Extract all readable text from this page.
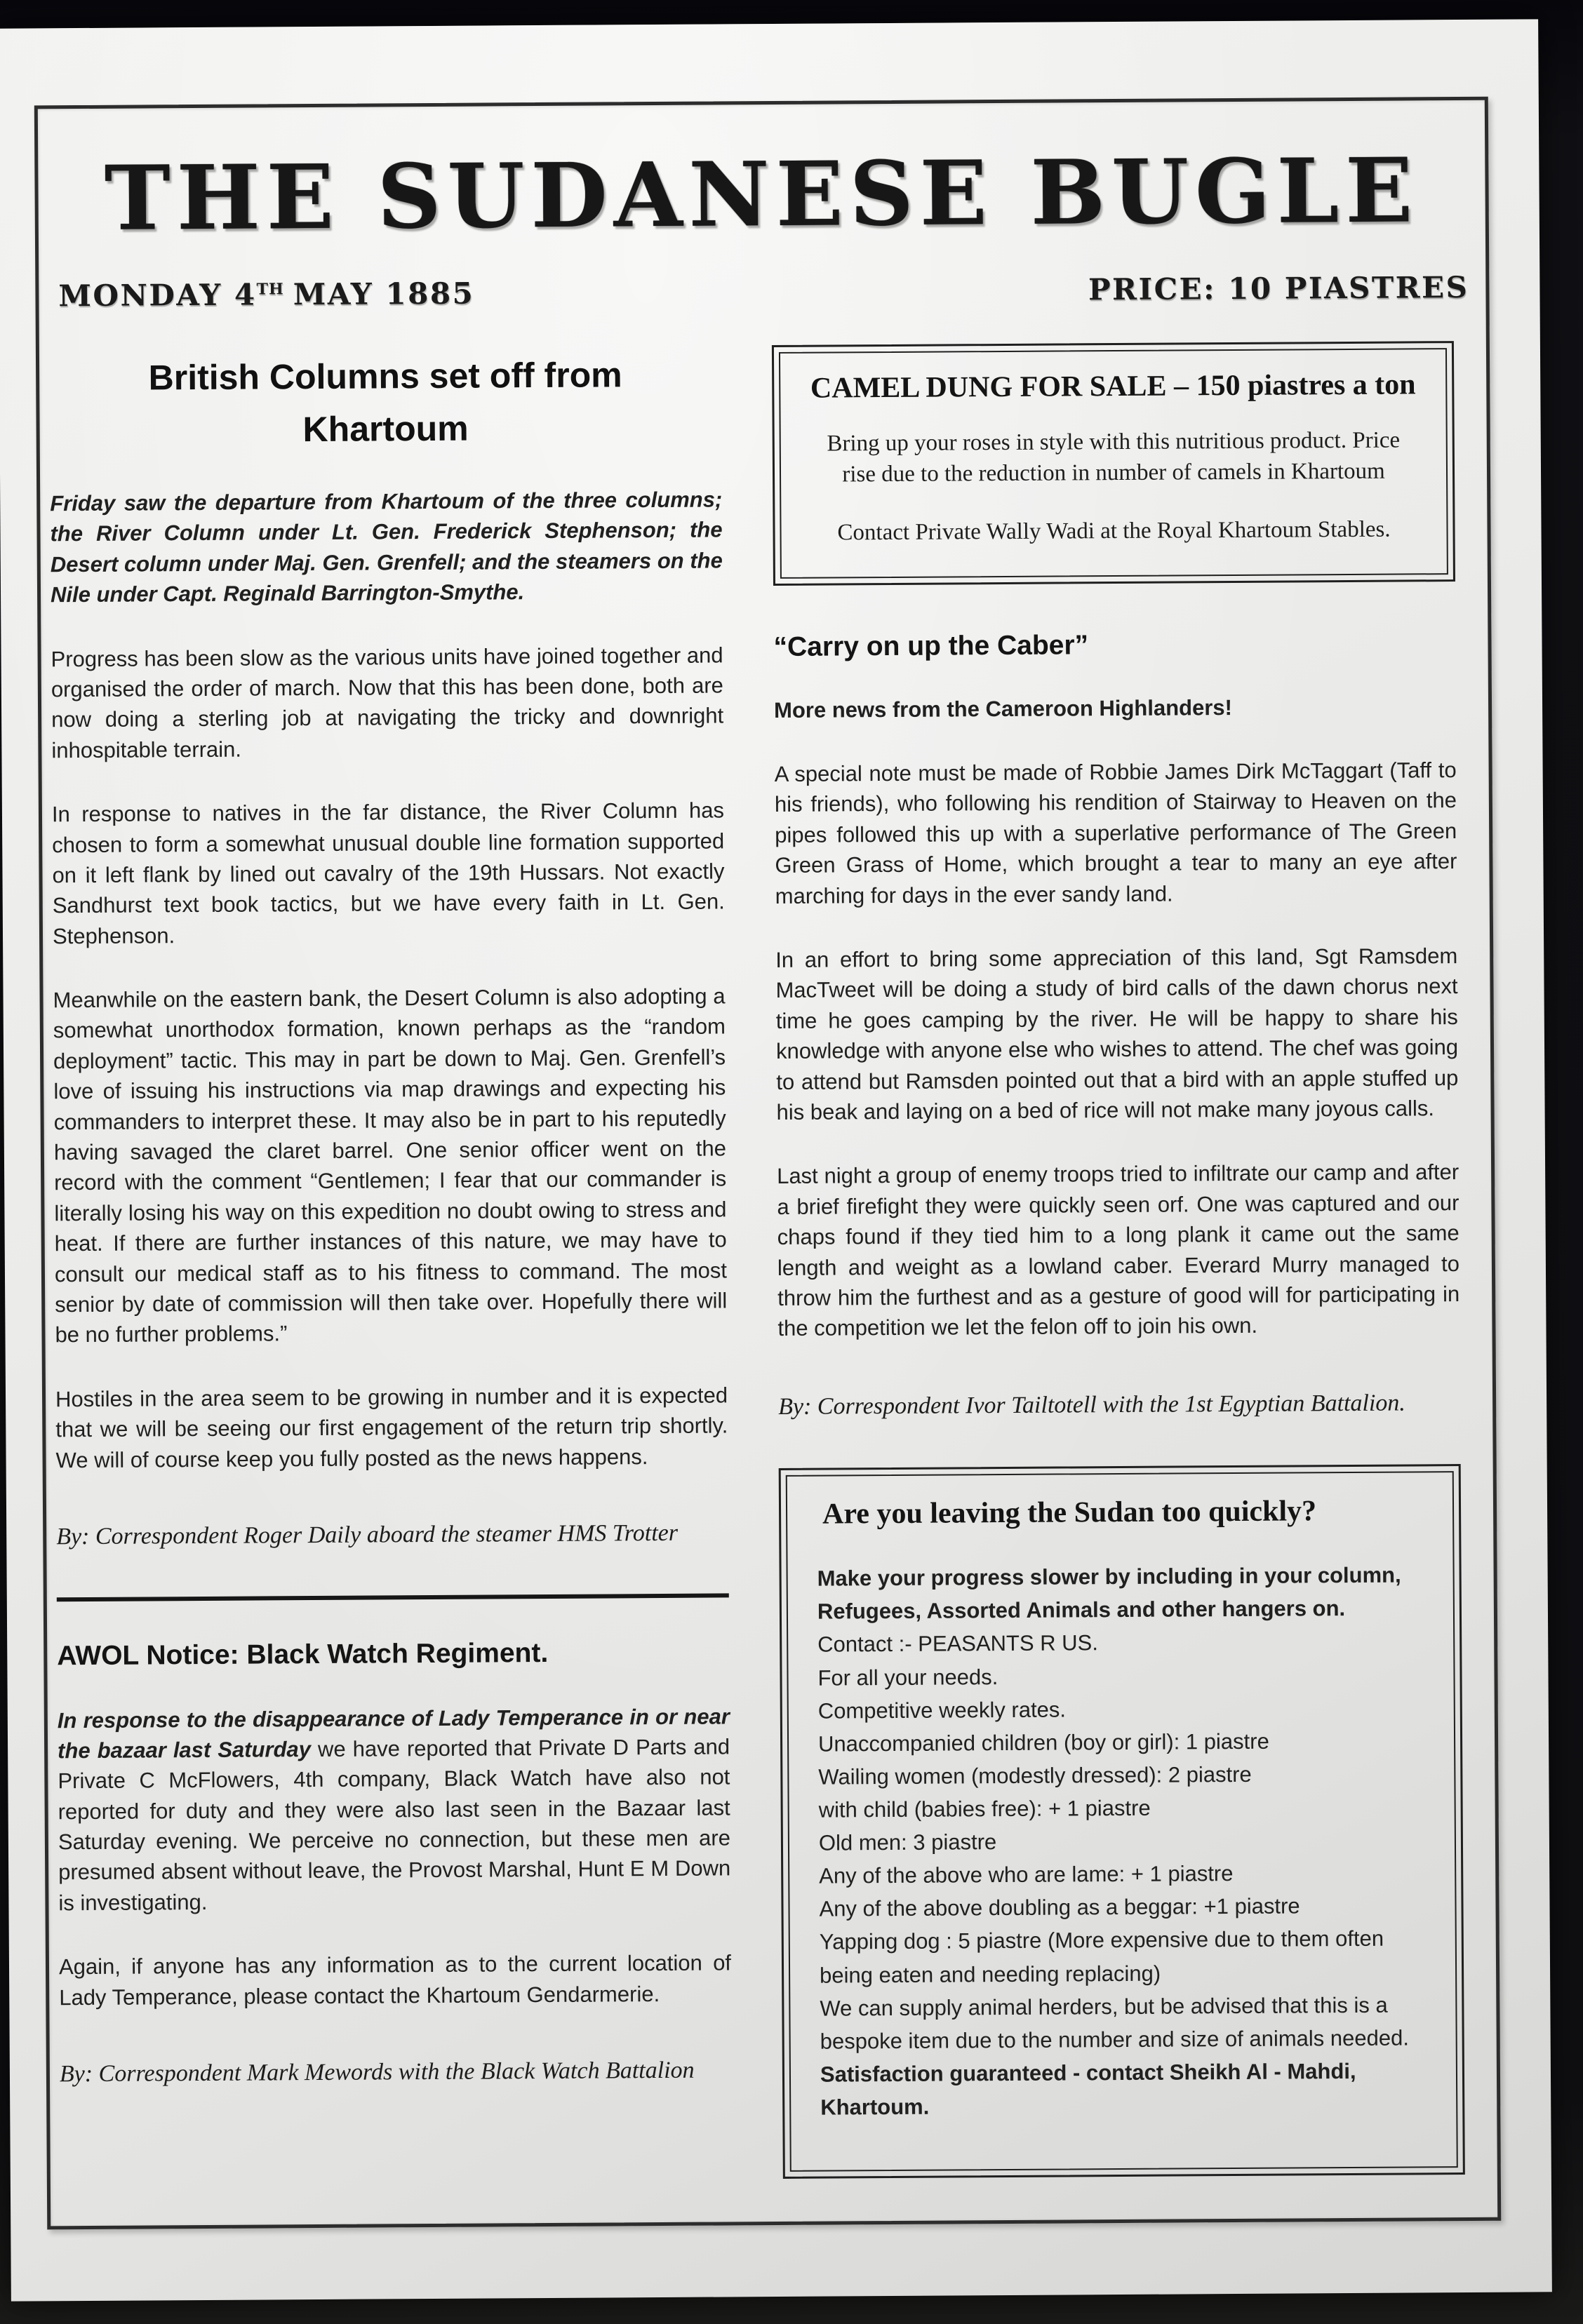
THE SUDANESE BUGLE
MONDAY 4TH MAY 1885	PRICE: 10 PIASTRES
British Columns set off from Khartoum

Friday saw the departure from Khartoum of the three columns; the River Column under Lt. Gen. Frederick Stephenson; the Desert column under Maj. Gen. Grenfell; and the steamers on the Nile under Capt. Reginald Barrington-Smythe.

Progress has been slow as the various units have joined together and organised the order of march. Now that this has been done, both are now doing a sterling job at navigating the tricky and downright inhospitable terrain.

In response to natives in the far distance, the River Column has chosen to form a somewhat unusual double line formation supported on it left flank by lined out cavalry of the 19th Hussars. Not exactly Sandhurst text book tactics, but we have every faith in Lt. Gen. Stephenson.

Meanwhile on the eastern bank, the Desert Column is also adopting a somewhat unorthodox formation, known perhaps as the “random deployment” tactic. This may in part be down to Maj. Gen. Grenfell’s love of issuing his instructions via map drawings and expecting his commanders to interpret these. It may also be in part to his reputedly having savaged the claret barrel. One senior officer went on the record with the comment “Gentlemen; I fear that our commander is literally losing his way on this expedition no doubt owing to stress and heat. If there are further instances of this nature, we may have to consult our medical staff as to his fitness to command. The most senior by date of commission will then take over. Hopefully there will be no further problems.”

Hostiles in the area seem to be growing in number and it is expected that we will be seeing our first engagement of the return trip shortly. We will of course keep you fully posted as the news happens.

By: Correspondent Roger Daily aboard the steamer HMS Trotter

AWOL Notice: Black Watch Regiment.

In response to the disappearance of Lady Temperance in or near the bazaar last Saturday we have reported that Private D Parts and Private C McFlowers, 4th company, Black Watch have also not reported for duty and they were also last seen in the Bazaar last Saturday evening. We perceive no connection, but these men are presumed absent without leave, the Provost Marshal, Hunt E M Down is investigating.

Again, if anyone has any information as to the current location of Lady Temperance, please contact the Khartoum Gendarmerie.

By: Correspondent Mark Mewords with the Black Watch Battalion

CAMEL DUNG FOR SALE – 150 piastres a ton

Bring up your roses in style with this nutritious product. Price rise due to the reduction in number of camels in Khartoum

Contact Private Wally Wadi at the Royal Khartoum Stables.

“Carry on up the Caber”

More news from the Cameroon Highlanders!

A special note must be made of Robbie James Dirk McTaggart (Taff to his friends), who following his rendition of Stairway to Heaven on the pipes followed this up with a superlative performance of The Green Green Grass of Home, which brought a tear to many an eye after marching for days in the ever sandy land.

In an effort to bring some appreciation of this land, Sgt Ramsdem MacTweet will be doing a study of bird calls of the dawn chorus next time he goes camping by the river. He will be happy to share his knowledge with anyone else who wishes to attend. The chef was going to attend but Ramsden pointed out that a bird with an apple stuffed up his beak and laying on a bed of rice will not make many joyous calls.

Last night a group of enemy troops tried to infiltrate our camp and after a brief firefight they were quickly seen orf. One was captured and our chaps found if they tied him to a long plank it came out the same length and weight as a lowland caber. Everard Murry managed to throw him the furthest and as a gesture of good will for participating in the competition we let the felon off to join his own.

By: Correspondent Ivor Tailtotell with the 1st Egyptian Battalion.

Are you leaving the Sudan too quickly?

Make your progress slower by including in your column, Refugees, Assorted Animals and other hangers on.

Contact :- PEASANTS R US.
For all your needs.
Competitive weekly rates.
Unaccompanied children (boy or girl): 1 piastre
Wailing women (modestly dressed): 2 piastre
with child (babies free): + 1 piastre
Old men: 3 piastre
Any of the above who are lame: + 1 piastre
Any of the above doubling as a beggar: +1 piastre
Yapping dog : 5 piastre (More expensive due to them often being eaten and needing replacing)
We can supply animal herders, but be advised that this is a bespoke item due to the number and size of animals needed.
Satisfaction guaranteed - contact Sheikh Al - Mahdi, Khartoum.
